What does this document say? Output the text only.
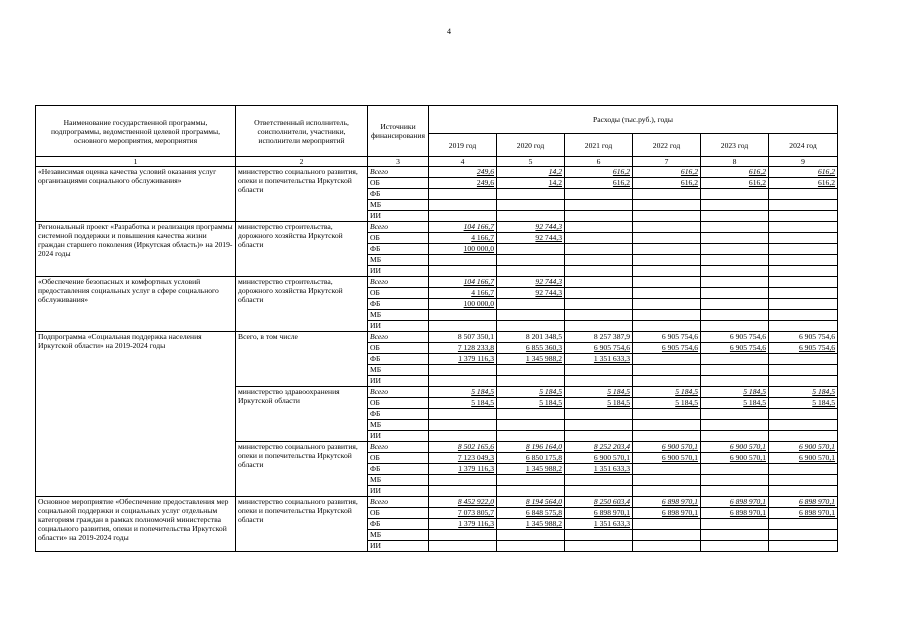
4
Наименование государственной программы, подпрограммы, ведомственной целевой программы, основного мероприятия, мероприятия	Ответственный исполнитель, соисполнители, участники, исполнители мероприятий	Источники финансирования	Расходы (тыс.руб.), годы					
			2019 год	2020 год	2021 год	2022 год	2023 год	2024 год
1	2	3	4	5	6	7	8	9
«Независимая оценка качества условий оказания услуг организациями социального обслуживания»	министерство социального развития, опеки и попечительства Иркутской области	Всего	249,6	14,2	616,2	616,2	616,2	616,2
		ОБ	249,6	14,2	616,2	616,2	616,2	616,2
		ФБ						
		МБ						
		ИИ						
Региональный проект «Разработка и реализация программы системной поддержки и повышения качества жизни граждан старшего поколения (Иркутская область)» на 2019-2024 годы	министерство строительства, дорожного хозяйства Иркутской области	Всего	104 166,7	92 744,3				
		ОБ	4 166,7	92 744,3				
		ФБ	100 000,0					
		МБ						
		ИИ						
«Обеспечение безопасных и комфортных условий предоставления социальных услуг в сфере социального обслуживания»	министерство строительства, дорожного хозяйства Иркутской области	Всего	104 166,7	92 744,3				
		ОБ	4 166,7	92 744,3				
		ФБ	100 000,0					
		МБ						
		ИИ						
Подпрограмма «Социальная поддержка населения Иркутской области» на 2019-2024 годы	Всего, в том числе	Всего	8 507 350,1	8 201 348,5	8 257 387,9	6 905 754,6	6 905 754,6	6 905 754,6
		ОБ	7 128 233,8	6 855 360,3	6 905 754,6	6 905 754,6	6 905 754,6	6 905 754,6
		ФБ	1 379 116,3	1 345 988,2	1 351 633,3			
		МБ						
		ИИ						
	министерство здравоохранения Иркутской области	Всего	5 184,5	5 184,5	5 184,5	5 184,5	5 184,5	5 184,5
		ОБ	5 184,5	5 184,5	5 184,5	5 184,5	5 184,5	5 184,5
		ФБ						
		МБ						
		ИИ						
	министерство социального развития, опеки и попечительства Иркутской области	Всего	8 502 165,6	8 196 164,0	8 252 203,4	6 900 570,1	6 900 570,1	6 900 570,1
		ОБ	7 123 049,3	6 850 175,8	6 900 570,1	6 900 570,1	6 900 570,1	6 900 570,1
		ФБ	1 379 116,3	1 345 988,2	1 351 633,3			
		МБ						
		ИИ						
Основное мероприятие «Обеспечение предоставления мер социальной поддержки и социальных услуг отдельным категориям граждан в рамках полномочий министерства социального развития, опеки и попечительства Иркутской области» на 2019-2024 годы	министерство социального развития, опеки и попечительства Иркутской области	Всего	8 452 922,0	8 194 564,0	8 250 603,4	6 898 970,1	6 898 970,1	6 898 970,1
		ОБ	7 073 805,7	6 848 575,8	6 898 970,1	6 898 970,1	6 898 970,1	6 898 970,1
		ФБ	1 379 116,3	1 345 988,2	1 351 633,3			
		МБ						
		ИИ						
